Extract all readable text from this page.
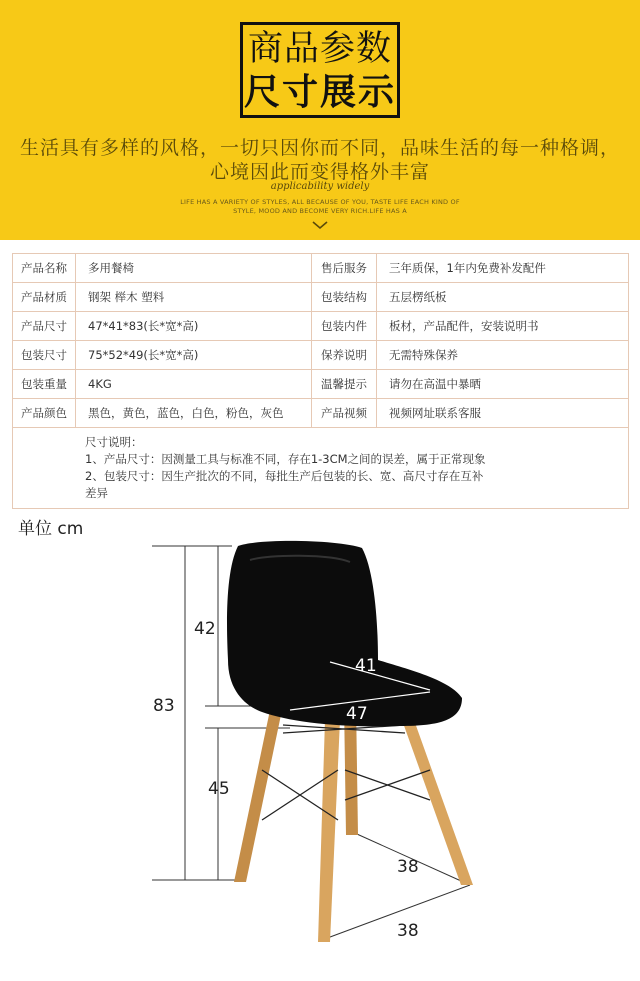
商品参数
尺寸展示
生活具有多样的风格，一切只因你而不同，品味生活的每一种格调，
心境因此而变得格外丰富
applicability widely
LIFE HAS A VARIETY OF STYLES, ALL BECAUSE OF YOU, TASTE LIFE EACH KIND OF
STYLE, MOOD AND BECOME VERY RICH.LIFE HAS A
产品名称	多用餐椅	售后服务	三年质保，1年内免费补发配件
产品材质	钢架 榉木 塑料	包装结构	五层楞纸板
产品尺寸	47*41*83(长*宽*高)	包装内件	板材，产品配件，安装说明书
包装尺寸	75*52*49(长*宽*高)	保养说明	无需特殊保养
包装重量	4KG	温馨提示	请勿在高温中暴晒
产品颜色	黑色，黄色，蓝色，白色，粉色，灰色	产品视频	视频网址联系客服

尺寸说明：
1、产品尺寸：因测量工具与标准不同，存在1-3CM之间的误差，属于正常现象
2、包装尺寸：因生产批次的不同，每批生产后包装的长、宽、高尺寸存在互补
差异			
单位 cm
42
83
45
41
47
38
38
